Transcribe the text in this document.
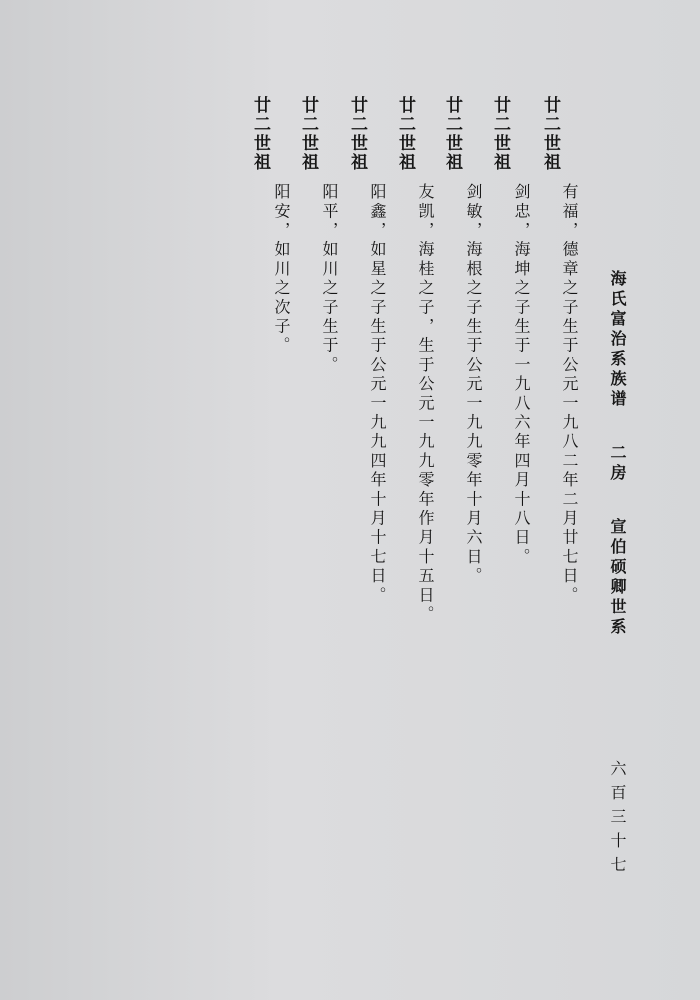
海氏富治系族谱二房宣伯硕卿世系
六百三十七
廿二世祖
有福，德章之子生于公元一九八二年二月廿七日。
廿二世祖
剑忠，海坤之子生于一九八六年四月十八日。
廿二世祖
剑敏，海根之子生于公元一九九零年十月六日。
廿二世祖
友凯，海桂之子，生于公元一九九零年作月十五日。
廿二世祖
阳鑫，如星之子生于公元一九九四年十月十七日。
廿二世祖
阳平，如川之子生于。
廿二世祖
阳安，如川之次子。
